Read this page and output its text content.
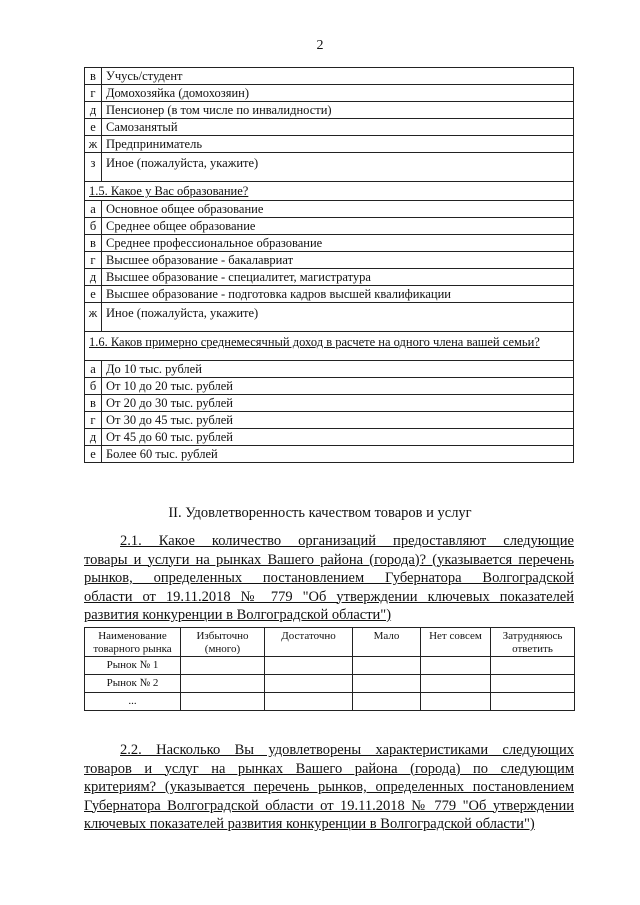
2
в	Учусь/студент
г	Домохозяйка (домохозяин)
д	Пенсионер (в том числе по инвалидности)
е	Самозанятый
ж	Предприниматель
з	Иное (пожалуйста, укажите)
1.5. Какое у Вас образование?	
а	Основное общее образование
б	Среднее общее образование
в	Среднее профессиональное образование
г	Высшее образование - бакалавриат
д	Высшее образование - специалитет, магистратура
е	Высшее образование - подготовка кадров высшей квалификации
ж	Иное (пожалуйста, укажите)
1.6. Каков примерно среднемесячный доход в расчете на одного члена вашей семьи?	
а	До 10 тыс. рублей
б	От 10 до 20 тыс. рублей
в	От 20 до 30 тыс. рублей
г	От 30 до 45 тыс. рублей
д	От 45 до 60 тыс. рублей
е	Более 60 тыс. рублей
II. Удовлетворенность качеством товаров и услуг
2.1. Какое количество организаций предоставляют следующие
товары и услуги на рынках Вашего района (города)? (указывается перечень
рынков, определенных постановлением Губернатора Волгоградской
области от 19.11.2018 № 779 "Об утверждении ключевых показателей
развития конкуренции в Волгоградской области")
Наименование товарного рынка	Избыточно (много)	Достаточно	Мало	Нет совсем	Затрудняюсь ответить
Рынок № 1					
Рынок № 2					
...					
2.2. Насколько Вы удовлетворены характеристиками следующих
товаров и услуг на рынках Вашего района (города) по следующим
критериям? (указывается перечень рынков, определенных постановлением
Губернатора Волгоградской области от 19.11.2018 № 779 "Об утверждении
ключевых показателей развития конкуренции в Волгоградской области")
